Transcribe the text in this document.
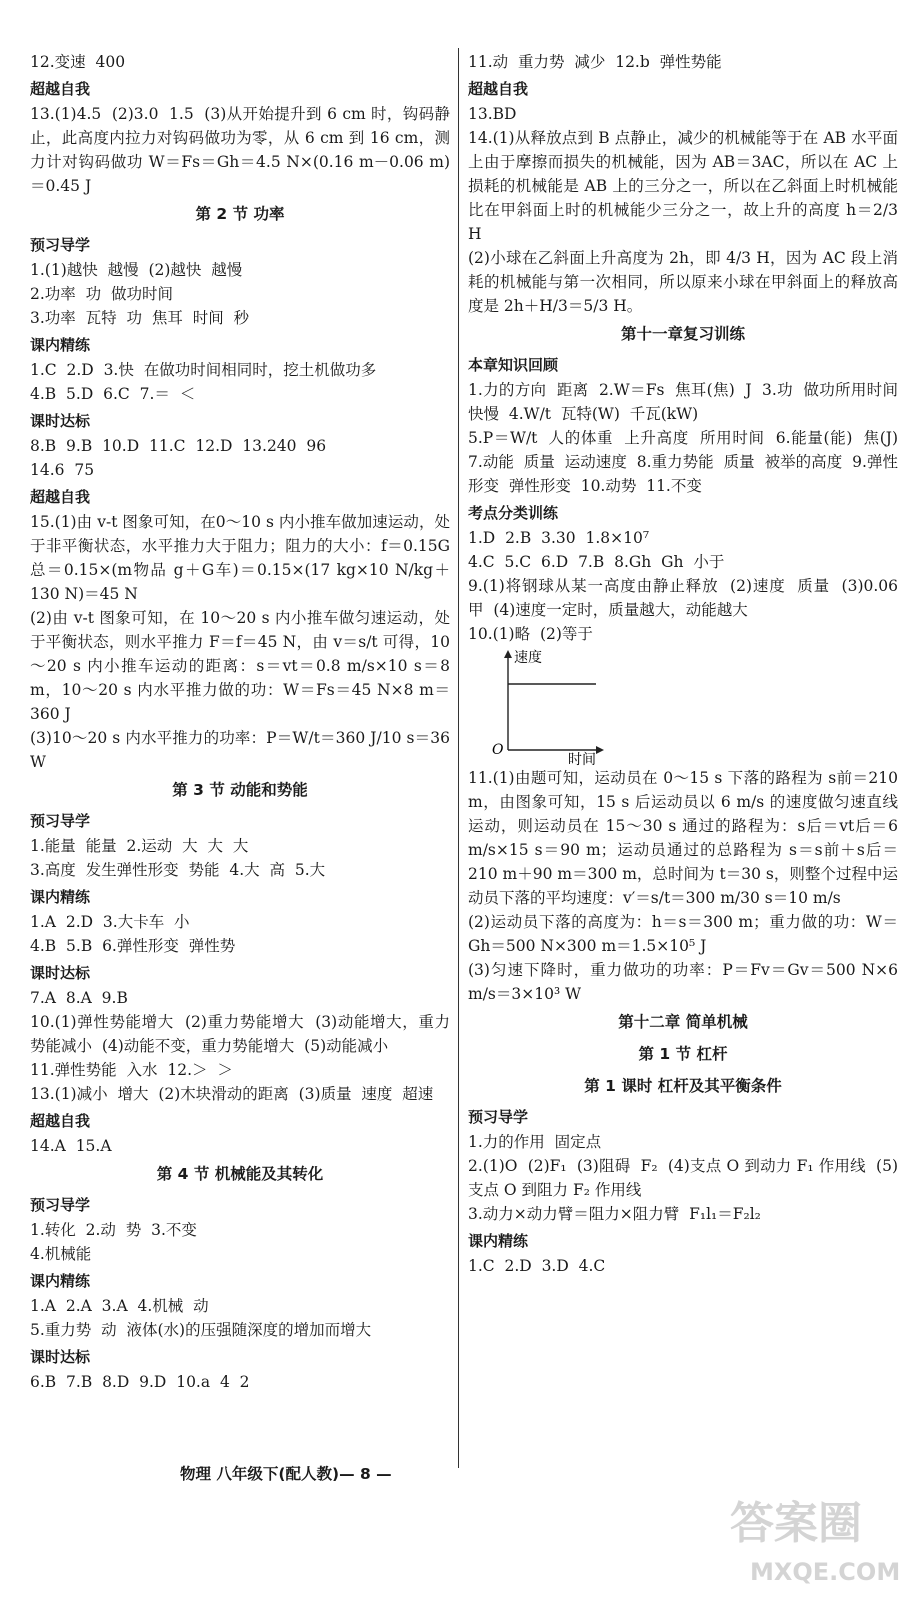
12.变速  400

超越自我

13.(1)4.5  (2)3.0  1.5  (3)从开始提升到 6 cm 时，钩码静止，此高度内拉力对钩码做功为零，从 6 cm 到 16 cm，测力计对钩码做功 W＝Fs＝Gh＝4.5 N×(0.16 m－0.06 m)＝0.45 J

第 2 节 功率

预习导学

1.(1)越快  越慢  (2)越快  越慢
2.功率  功  做功时间
3.功率  瓦特  功  焦耳  时间  秒

课内精练

1.C  2.D  3.快  在做功时间相同时，挖土机做功多
4.B  5.D  6.C  7.＝  ＜

课时达标

8.B  9.B  10.D  11.C  12.D  13.240  96
14.6  75

超越自我

15.(1)由 v-t 图象可知，在0～10 s 内小推车做加速运动，处于非平衡状态，水平推力大于阻力；阻力的大小：f＝0.15G总＝0.15×(m物品 g＋G车)＝0.15×(17 kg×10 N/kg＋130 N)＝45 N
(2)由 v-t 图象可知，在 10～20 s 内小推车做匀速运动，处于平衡状态，则水平推力 F＝f＝45 N，由 v＝s/t 可得，10～20 s 内小推车运动的距离：s＝vt＝0.8 m/s×10 s＝8 m，10～20 s 内水平推力做的功：W＝Fs＝45 N×8 m＝360 J
(3)10～20 s 内水平推力的功率：P＝W/t＝360 J/10 s＝36 W

第 3 节 动能和势能

预习导学

1.能量  能量  2.运动  大  大  大
3.高度  发生弹性形变  势能  4.大  高  5.大

课内精练

1.A  2.D  3.大卡车  小
4.B  5.B  6.弹性形变  弹性势

课时达标

7.A  8.A  9.B
10.(1)弹性势能增大  (2)重力势能增大  (3)动能增大，重力势能减小  (4)动能不变，重力势能增大  (5)动能减小
11.弹性势能  入水  12.＞  ＞
13.(1)减小  增大  (2)木块滑动的距离  (3)质量  速度  超速

超越自我

14.A  15.A

第 4 节 机械能及其转化

预习导学

1.转化  2.动  势  3.不变
4.机械能

课内精练

1.A  2.A  3.A  4.机械  动
5.重力势  动  液体(水)的压强随深度的增加而增大

课时达标

6.B  7.B  8.D  9.D  10.a  4  2

11.动  重力势  减少  12.b  弹性势能

超越自我

13.BD
14.(1)从释放点到 B 点静止，减少的机械能等于在 AB 水平面上由于摩擦而损失的机械能，因为 AB＝3AC，所以在 AC 上损耗的机械能是 AB 上的三分之一，所以在乙斜面上时机械能比在甲斜面上时的机械能少三分之一，故上升的高度 h＝2/3 H
(2)小球在乙斜面上升高度为 2h，即 4/3 H，因为 AC 段上消耗的机械能与第一次相同，所以原来小球在甲斜面上的释放高度是 2h＋H/3＝5/3 H。

第十一章复习训练

本章知识回顾

1.力的方向  距离  2.W＝Fs  焦耳(焦)  J  3.功  做功所用时间  快慢  4.W/t  瓦特(W)  千瓦(kW)
5.P＝W/t  人的体重  上升高度  所用时间  6.能量(能)  焦(J)  7.动能  质量  运动速度  8.重力势能  质量  被举的高度  9.弹性形变  弹性形变  10.动势  11.不变

考点分类训练

1.D  2.B  3.30  1.8×10⁷
4.C  5.C  6.D  7.B  8.Gh  Gh  小于
9.(1)将钢球从某一高度由静止释放  (2)速度  质量  (3)0.06  甲  (4)速度一定时，质量越大，动能越大
10.(1)略  (2)等于

速度
时间
O

11.(1)由题可知，运动员在 0～15 s 下落的路程为 s前＝210 m，由图象可知，15 s 后运动员以 6 m/s 的速度做匀速直线运动，则运动员在 15～30 s 通过的路程为：s后＝vt后＝6 m/s×15 s＝90 m；运动员通过的总路程为 s＝s前＋s后＝210 m＋90 m＝300 m，总时间为 t＝30 s，则整个过程中运动员下落的平均速度：v′＝s/t＝300 m/30 s＝10 m/s
(2)运动员下落的高度为：h＝s＝300 m；重力做的功：W＝Gh＝500 N×300 m＝1.5×10⁵ J
(3)匀速下降时，重力做功的功率：P＝Fv＝Gv＝500 N×6 m/s＝3×10³ W

第十二章 简单机械
第 1 节 杠杆
第 1 课时 杠杆及其平衡条件

预习导学

1.力的作用  固定点
2.(1)O  (2)F₁  (3)阻碍  F₂  (4)支点 O 到动力 F₁ 作用线  (5)支点 O 到阻力 F₂ 作用线
3.动力×动力臂＝阻力×阻力臂  F₁l₁＝F₂l₂

课内精练

1.C  2.D  3.D  4.C

物理 八年级下(配人教)— 8 —
答案圈
MXQE.COM
